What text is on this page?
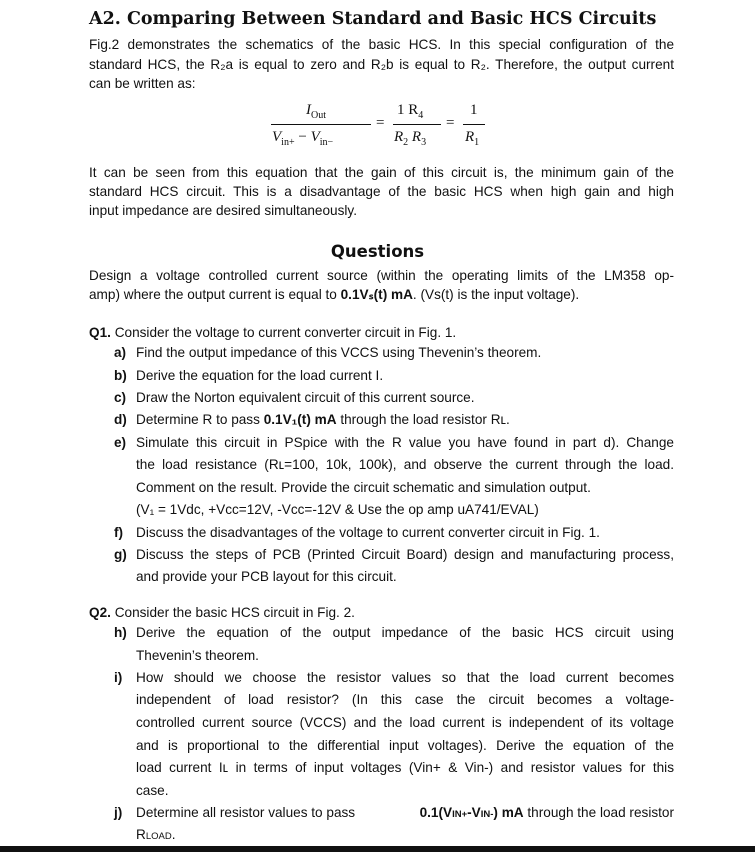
A2. Comparing Between Standard and Basic HCS Circuits
Fig.2 demonstrates the schematics of the basic HCS. In this special configuration of the
standard HCS, the R₂a is equal to zero and R₂b is equal to R₂. Therefore, the output current
can be written as:
$I_{Out}$
$V_{in+} - V_{in-}$
=
1 $R_4$
$R_2$ $R_3$
=
1
$R_1$
It can be seen from this equation that the gain of this circuit is, the minimum gain of the
standard HCS circuit. This is a disadvantage of the basic HCS when high gain and high
input impedance are desired simultaneously.
Questions
Design a voltage controlled current source (within the operating limits of the LM358 op-
amp) where the output current is equal to 0.1Vₛ(t) mA. (Vs(t) is the input voltage).
Q1. Consider the voltage to current converter circuit in Fig. 1.
a) Find the output impedance of this VCCS using Thevenin’s theorem.
b) Derive the equation for the load current I.
c) Draw the Norton equivalent circuit of this current source.
d) Determine R to pass 0.1V₁(t) mA through the load resistor Rʟ.
e) Simulate this circuit in PSpice with the R value you have found in part d). Change
the load resistance (Rʟ=100, 10k, 100k), and observe the current through the load.
Comment on the result. Provide the circuit schematic and simulation output.
(V₁ = 1Vdc, +Vcc=12V, -Vcc=-12V & Use the op amp uA741/EVAL)
f) Discuss the disadvantages of the voltage to current converter circuit in Fig. 1.
g) Discuss the steps of PCB (Printed Circuit Board) design and manufacturing process,
and provide your PCB layout for this circuit.
Q2. Consider the basic HCS circuit in Fig. 2.
h) Derive the equation of the output impedance of the basic HCS circuit using
Thevenin’s theorem.
i)	How should we choose the resistor values so that the load current becomes
independent of load resistor? (In this case the circuit becomes a voltage-
controlled current source (VCCS) and the load current is independent of its voltage
and is proportional to the differential input voltages). Derive the equation of the
load current Iʟ in terms of input voltages (Vin+ & Vin-) and resistor values for this
case.
j)	Determine all resistor values to pass	0.1(VIN+-VIN-) mA through the load resistor
RLOAD.
